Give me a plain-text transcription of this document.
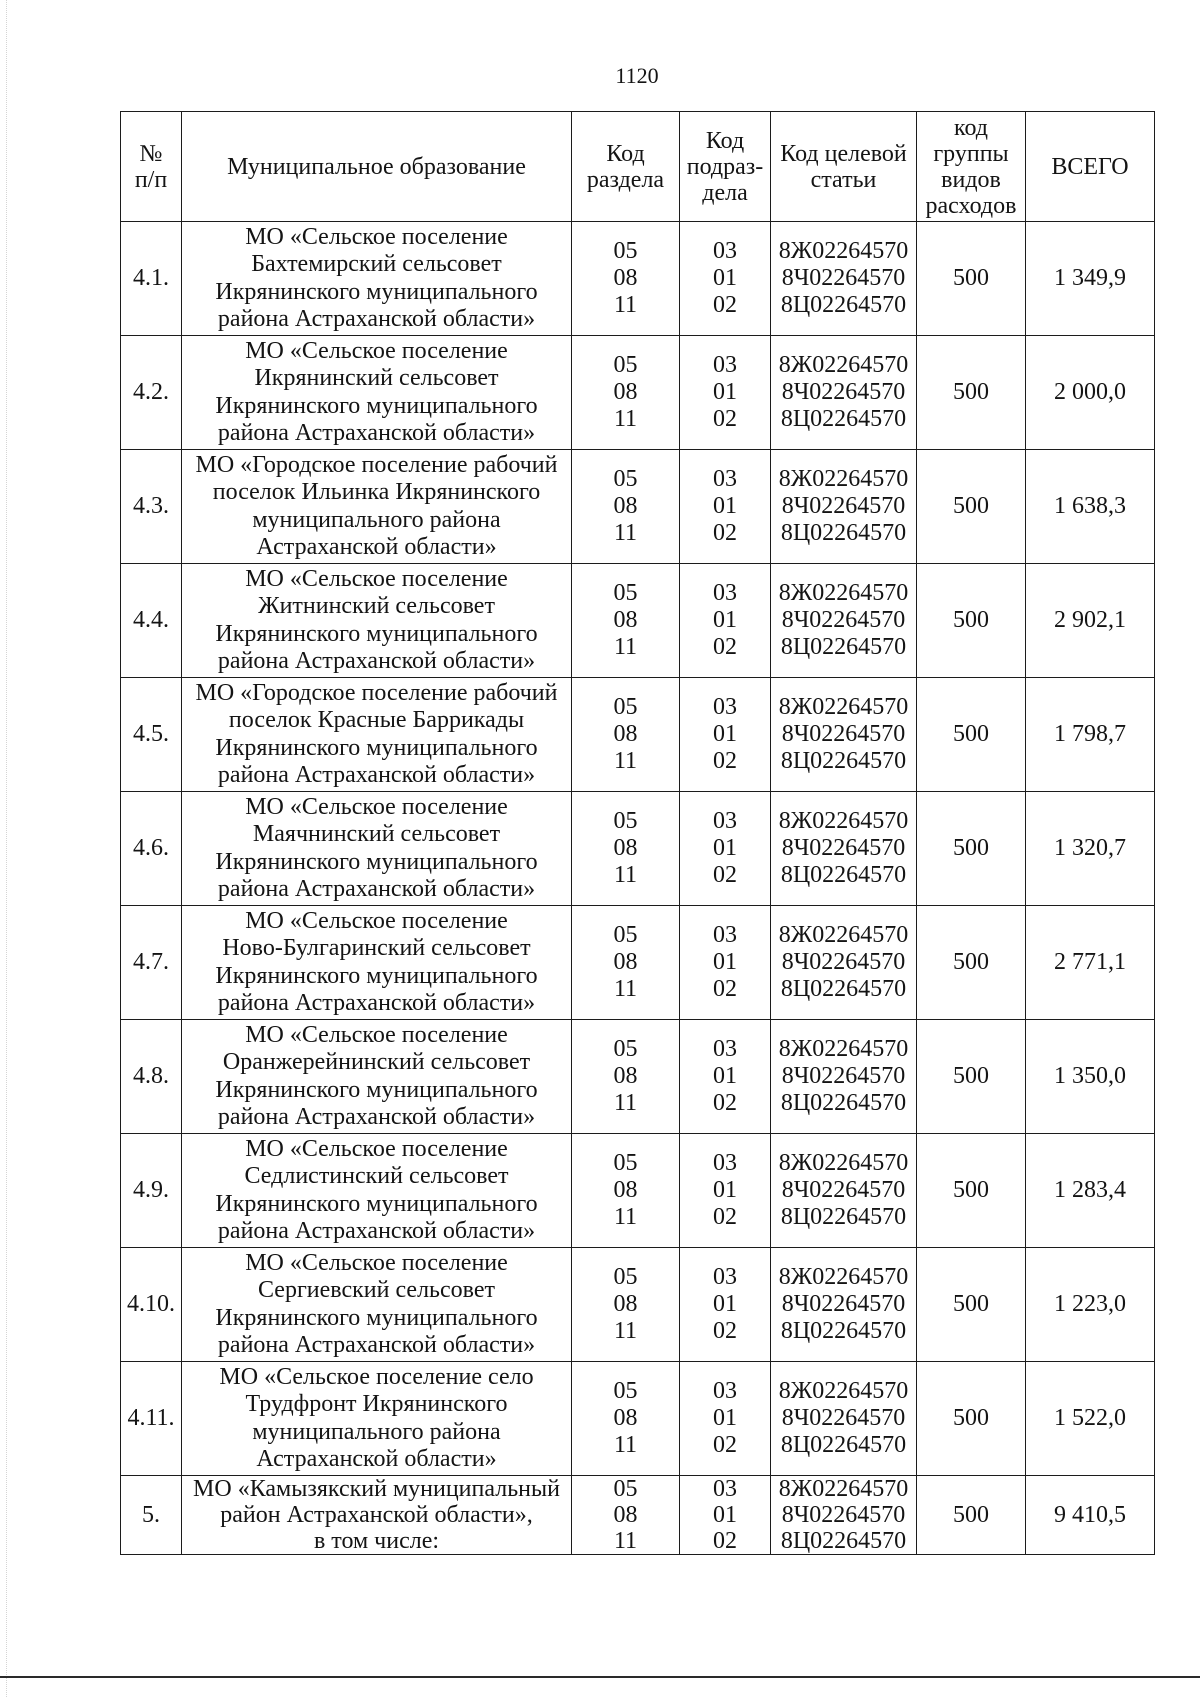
1120
№
п/п	Муниципальное образование	Код
раздела	Код
подраз-
дела	Код целевой
статьи	код
группы
видов
расходов	ВСЕГО

4.1.	МО «Сельское поселение
Бахтемирский сельсовет
Икрянинского муниципального
района Астраханской области»	05
08
11	03
01
02	8Ж02264570
8Ч02264570
8Ц02264570	500	1 349,9
4.2.	МО «Сельское поселение
Икрянинский сельсовет
Икрянинского муниципального
района Астраханской области»	05
08
11	03
01
02	8Ж02264570
8Ч02264570
8Ц02264570	500	2 000,0
4.3.	МО «Городское поселение рабочий
поселок Ильинка Икрянинского
муниципального района
Астраханской области»	05
08
11	03
01
02	8Ж02264570
8Ч02264570
8Ц02264570	500	1 638,3
4.4.	МО «Сельское поселение
Житнинский сельсовет
Икрянинского муниципального
района Астраханской области»	05
08
11	03
01
02	8Ж02264570
8Ч02264570
8Ц02264570	500	2 902,1
4.5.	МО «Городское поселение рабочий
поселок Красные Баррикады
Икрянинского муниципального
района Астраханской области»	05
08
11	03
01
02	8Ж02264570
8Ч02264570
8Ц02264570	500	1 798,7
4.6.	МО «Сельское поселение
Маячнинский сельсовет
Икрянинского муниципального
района Астраханской области»	05
08
11	03
01
02	8Ж02264570
8Ч02264570
8Ц02264570	500	1 320,7
4.7.	МО «Сельское поселение
Ново-Булгаринский сельсовет
Икрянинского муниципального
района Астраханской области»	05
08
11	03
01
02	8Ж02264570
8Ч02264570
8Ц02264570	500	2 771,1
4.8.	МО «Сельское поселение
Оранжерейнинский сельсовет
Икрянинского муниципального
района Астраханской области»	05
08
11	03
01
02	8Ж02264570
8Ч02264570
8Ц02264570	500	1 350,0
4.9.	МО «Сельское поселение
Седлистинский сельсовет
Икрянинского муниципального
района Астраханской области»	05
08
11	03
01
02	8Ж02264570
8Ч02264570
8Ц02264570	500	1 283,4
4.10.	МО «Сельское поселение
Сергиевский сельсовет
Икрянинского муниципального
района Астраханской области»	05
08
11	03
01
02	8Ж02264570
8Ч02264570
8Ц02264570	500	1 223,0
4.11.	МО «Сельское поселение село
Трудфронт Икрянинского
муниципального района
Астраханской области»	05
08
11	03
01
02	8Ж02264570
8Ч02264570
8Ц02264570	500	1 522,0
5.	МО «Камызякский муниципальный
район Астраханской области»,
в том числе:	05
08
11	03
01
02	8Ж02264570
8Ч02264570
8Ц02264570	500	9 410,5
